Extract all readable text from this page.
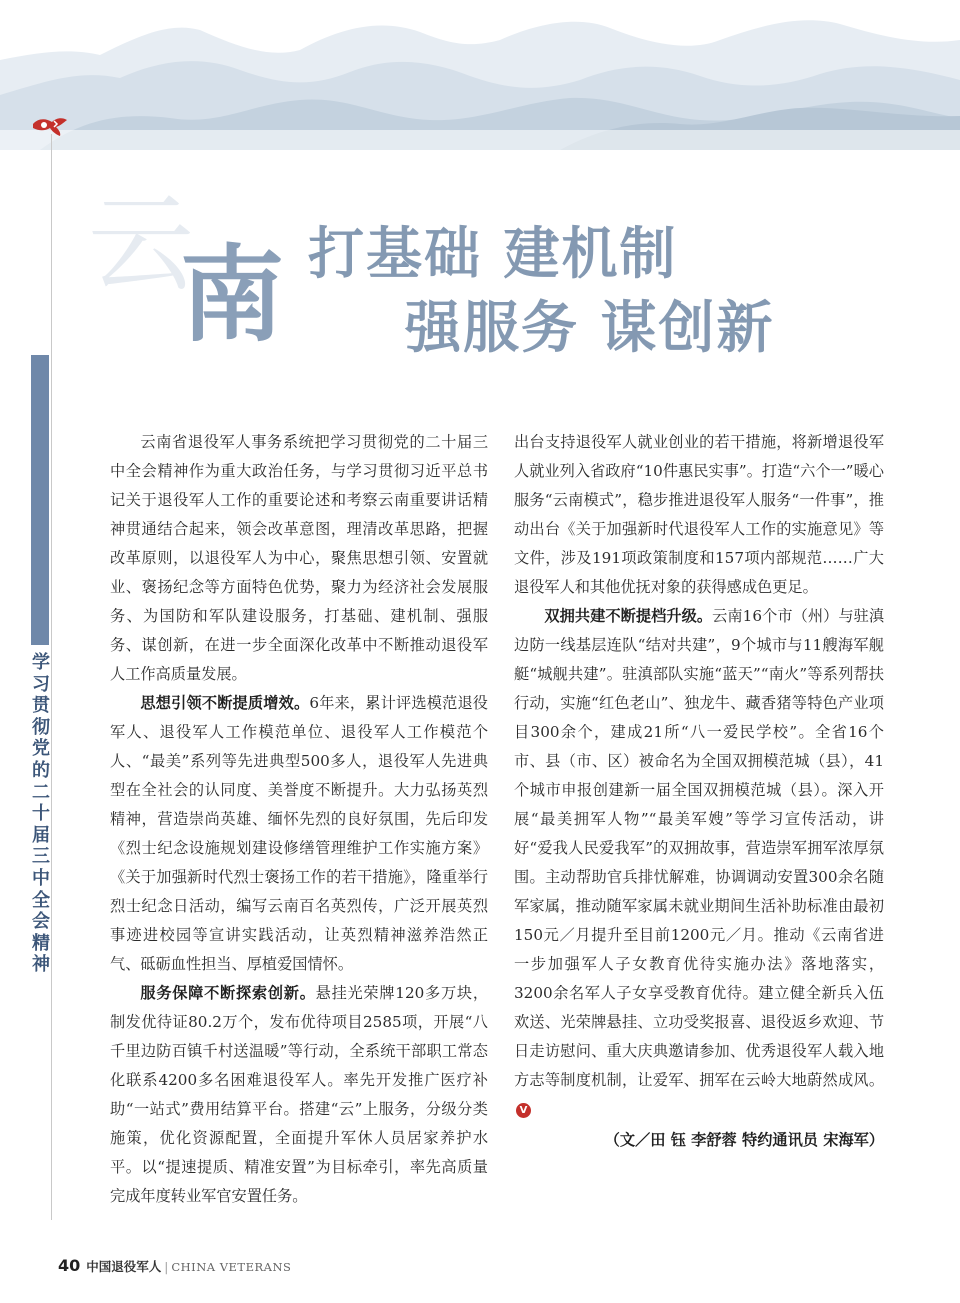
学习贯彻党的二十届三中全会精神
云
南 打基础 建机制
强服务 谋创新

云南省退役军人事务系统把学习贯彻党的二十届三中全会精神作为重大政治任务，与学习贯彻习近平总书记关于退役军人工作的重要论述和考察云南重要讲话精神贯通结合起来，领会改革意图，理清改革思路，把握改革原则，以退役军人为中心，聚焦思想引领、安置就业、褒扬纪念等方面特色优势，聚力为经济社会发展服务、为国防和军队建设服务，打基础、建机制、强服务、谋创新，在进一步全面深化改革中不断推动退役军人工作高质量发展。

思想引领不断提质增效。6年来，累计评选模范退役军人、退役军人工作模范单位、退役军人工作模范个人、“最美”系列等先进典型500多人，退役军人先进典型在全社会的认同度、美誉度不断提升。大力弘扬英烈精神，营造崇尚英雄、缅怀先烈的良好氛围，先后印发《烈士纪念设施规划建设修缮管理维护工作实施方案》《关于加强新时代烈士褒扬工作的若干措施》，隆重举行烈士纪念日活动，编写云南百名英烈传，广泛开展英烈事迹进校园等宣讲实践活动，让英烈精神滋养浩然正气、砥砺血性担当、厚植爱国情怀。

服务保障不断探索创新。悬挂光荣牌120多万块，制发优待证80.2万个，发布优待项目2585项，开展“八千里边防百镇千村送温暖”等行动，全系统干部职工常态化联系4200多名困难退役军人。率先开发推广医疗补助“一站式”费用结算平台。搭建“云”上服务，分级分类施策，优化资源配置，全面提升军休人员居家养护水平。以“提速提质、精准安置”为目标牵引，率先高质量完成年度转业军官安置任务。

出台支持退役军人就业创业的若干措施，将新增退役军人就业列入省政府“10件惠民实事”。打造“六个一”暖心服务“云南模式”，稳步推进退役军人服务“一件事”，推动出台《关于加强新时代退役军人工作的实施意见》等文件，涉及191项政策制度和157项内部规范……广大退役军人和其他优抚对象的获得感成色更足。

双拥共建不断提档升级。云南16个市（州）与驻滇边防一线基层连队“结对共建”，9个城市与11艘海军舰艇“城舰共建”。驻滇部队实施“蓝天”“南火”等系列帮扶行动，实施“红色老山”、独龙牛、藏香猪等特色产业项目300余个，建成21所“八一爱民学校”。全省16个市、县（市、区）被命名为全国双拥模范城（县），41个城市申报创建新一届全国双拥模范城（县）。深入开展“最美拥军人物”“最美军嫂”等学习宣传活动，讲好“爱我人民爱我军”的双拥故事，营造崇军拥军浓厚氛围。主动帮助官兵排忧解难，协调调动安置300余名随军家属，推动随军家属未就业期间生活补助标准由最初150元／月提升至目前1200元／月。推动《云南省进一步加强军人子女教育优待实施办法》落地落实，3200余名军人子女享受教育优待。建立健全新兵入伍欢送、光荣牌悬挂、立功受奖报喜、退役返乡欢迎、节日走访慰问、重大庆典邀请参加、优秀退役军人载入地方志等制度机制，让爱军、拥军在云岭大地蔚然成风。V

（文／田 钰 李舒蓉 特约通讯员 宋海军）

40 中国退役军人 | CHINA VETERANS
